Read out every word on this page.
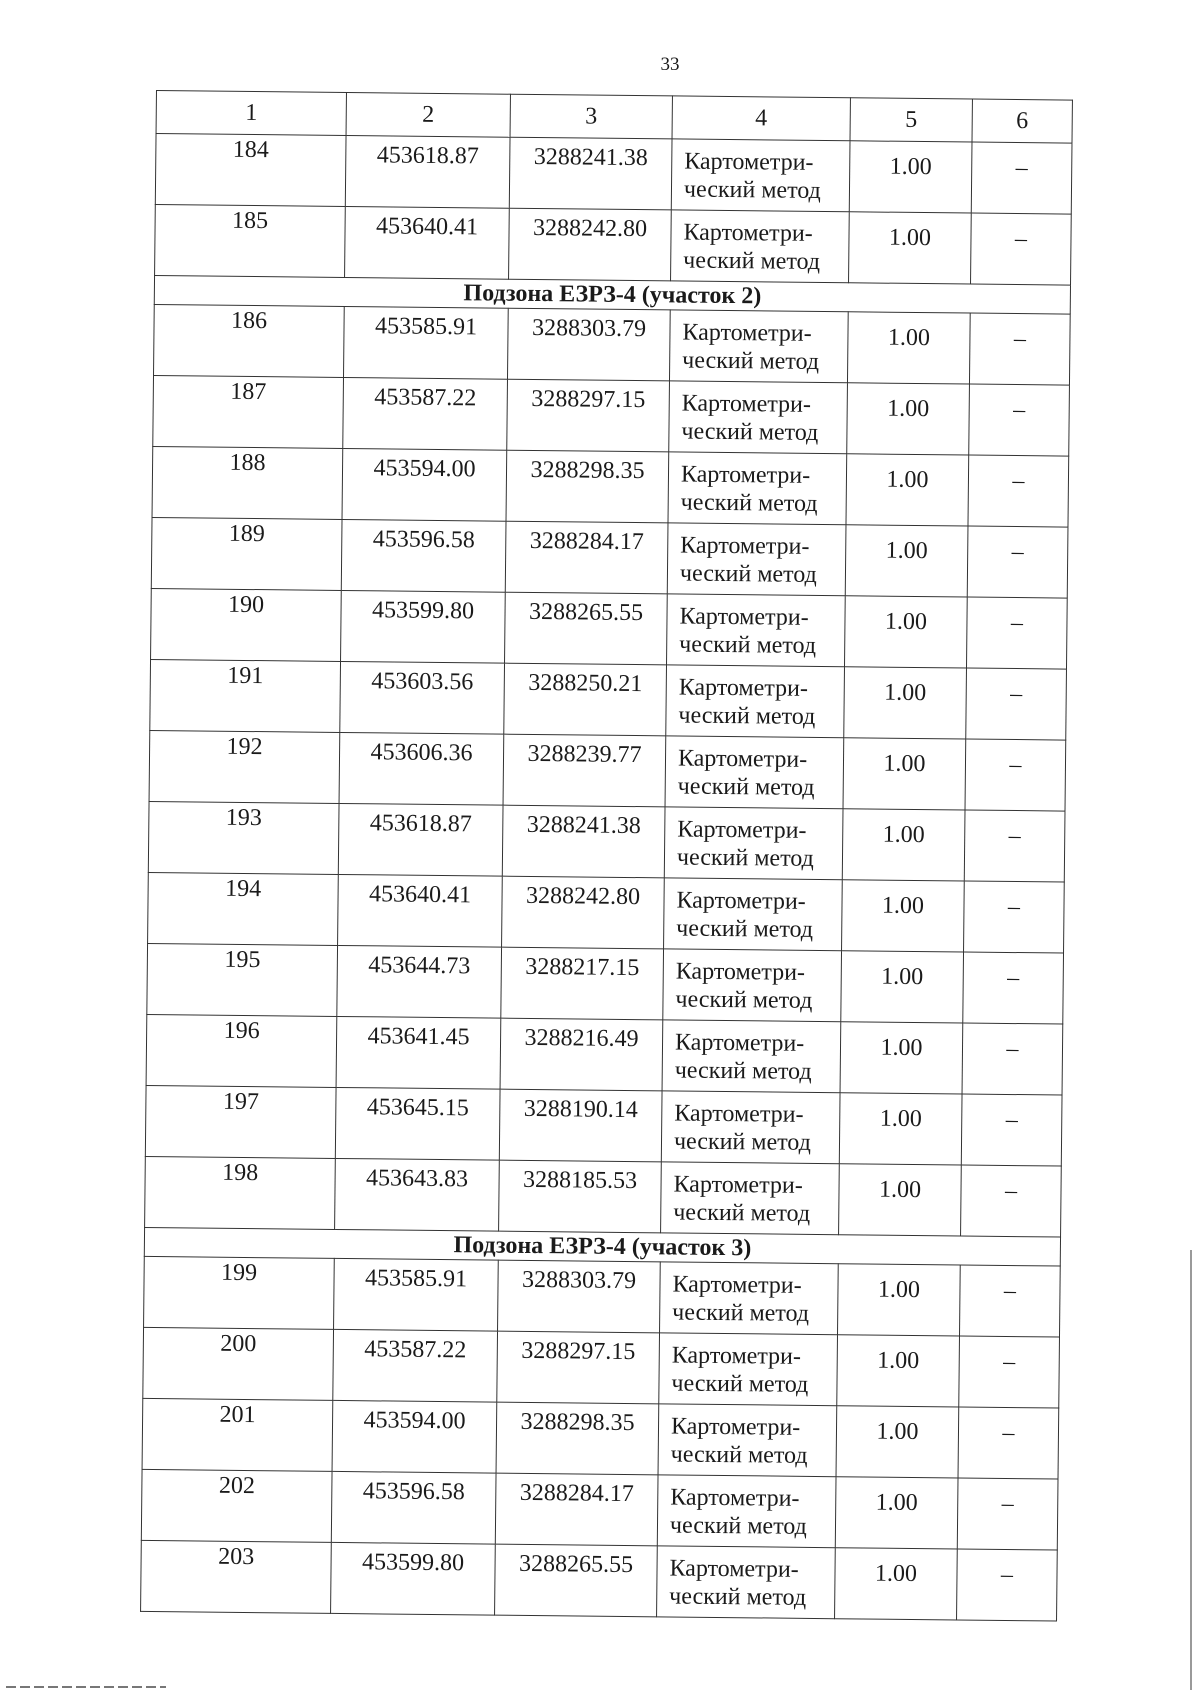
33
1	2	3	4	5	6
184	453618.87	3288241.38	Картометри-
ческий метод	1.00	–
185	453640.41	3288242.80	Картометри-
ческий метод	1.00	–
Подзона ЕЗРЗ-4 (участок 2)					
186	453585.91	3288303.79	Картометри-
ческий метод	1.00	–
187	453587.22	3288297.15	Картометри-
ческий метод	1.00	–
188	453594.00	3288298.35	Картометри-
ческий метод	1.00	–
189	453596.58	3288284.17	Картометри-
ческий метод	1.00	–
190	453599.80	3288265.55	Картометри-
ческий метод	1.00	–
191	453603.56	3288250.21	Картометри-
ческий метод	1.00	–
192	453606.36	3288239.77	Картометри-
ческий метод	1.00	–
193	453618.87	3288241.38	Картометри-
ческий метод	1.00	–
194	453640.41	3288242.80	Картометри-
ческий метод	1.00	–
195	453644.73	3288217.15	Картометри-
ческий метод	1.00	–
196	453641.45	3288216.49	Картометри-
ческий метод	1.00	–
197	453645.15	3288190.14	Картометри-
ческий метод	1.00	–
198	453643.83	3288185.53	Картометри-
ческий метод	1.00	–
Подзона ЕЗРЗ-4 (участок 3)					
199	453585.91	3288303.79	Картометри-
ческий метод	1.00	–
200	453587.22	3288297.15	Картометри-
ческий метод	1.00	–
201	453594.00	3288298.35	Картометри-
ческий метод	1.00	–
202	453596.58	3288284.17	Картометри-
ческий метод	1.00	–
203	453599.80	3288265.55	Картометри-
ческий метод	1.00	–
